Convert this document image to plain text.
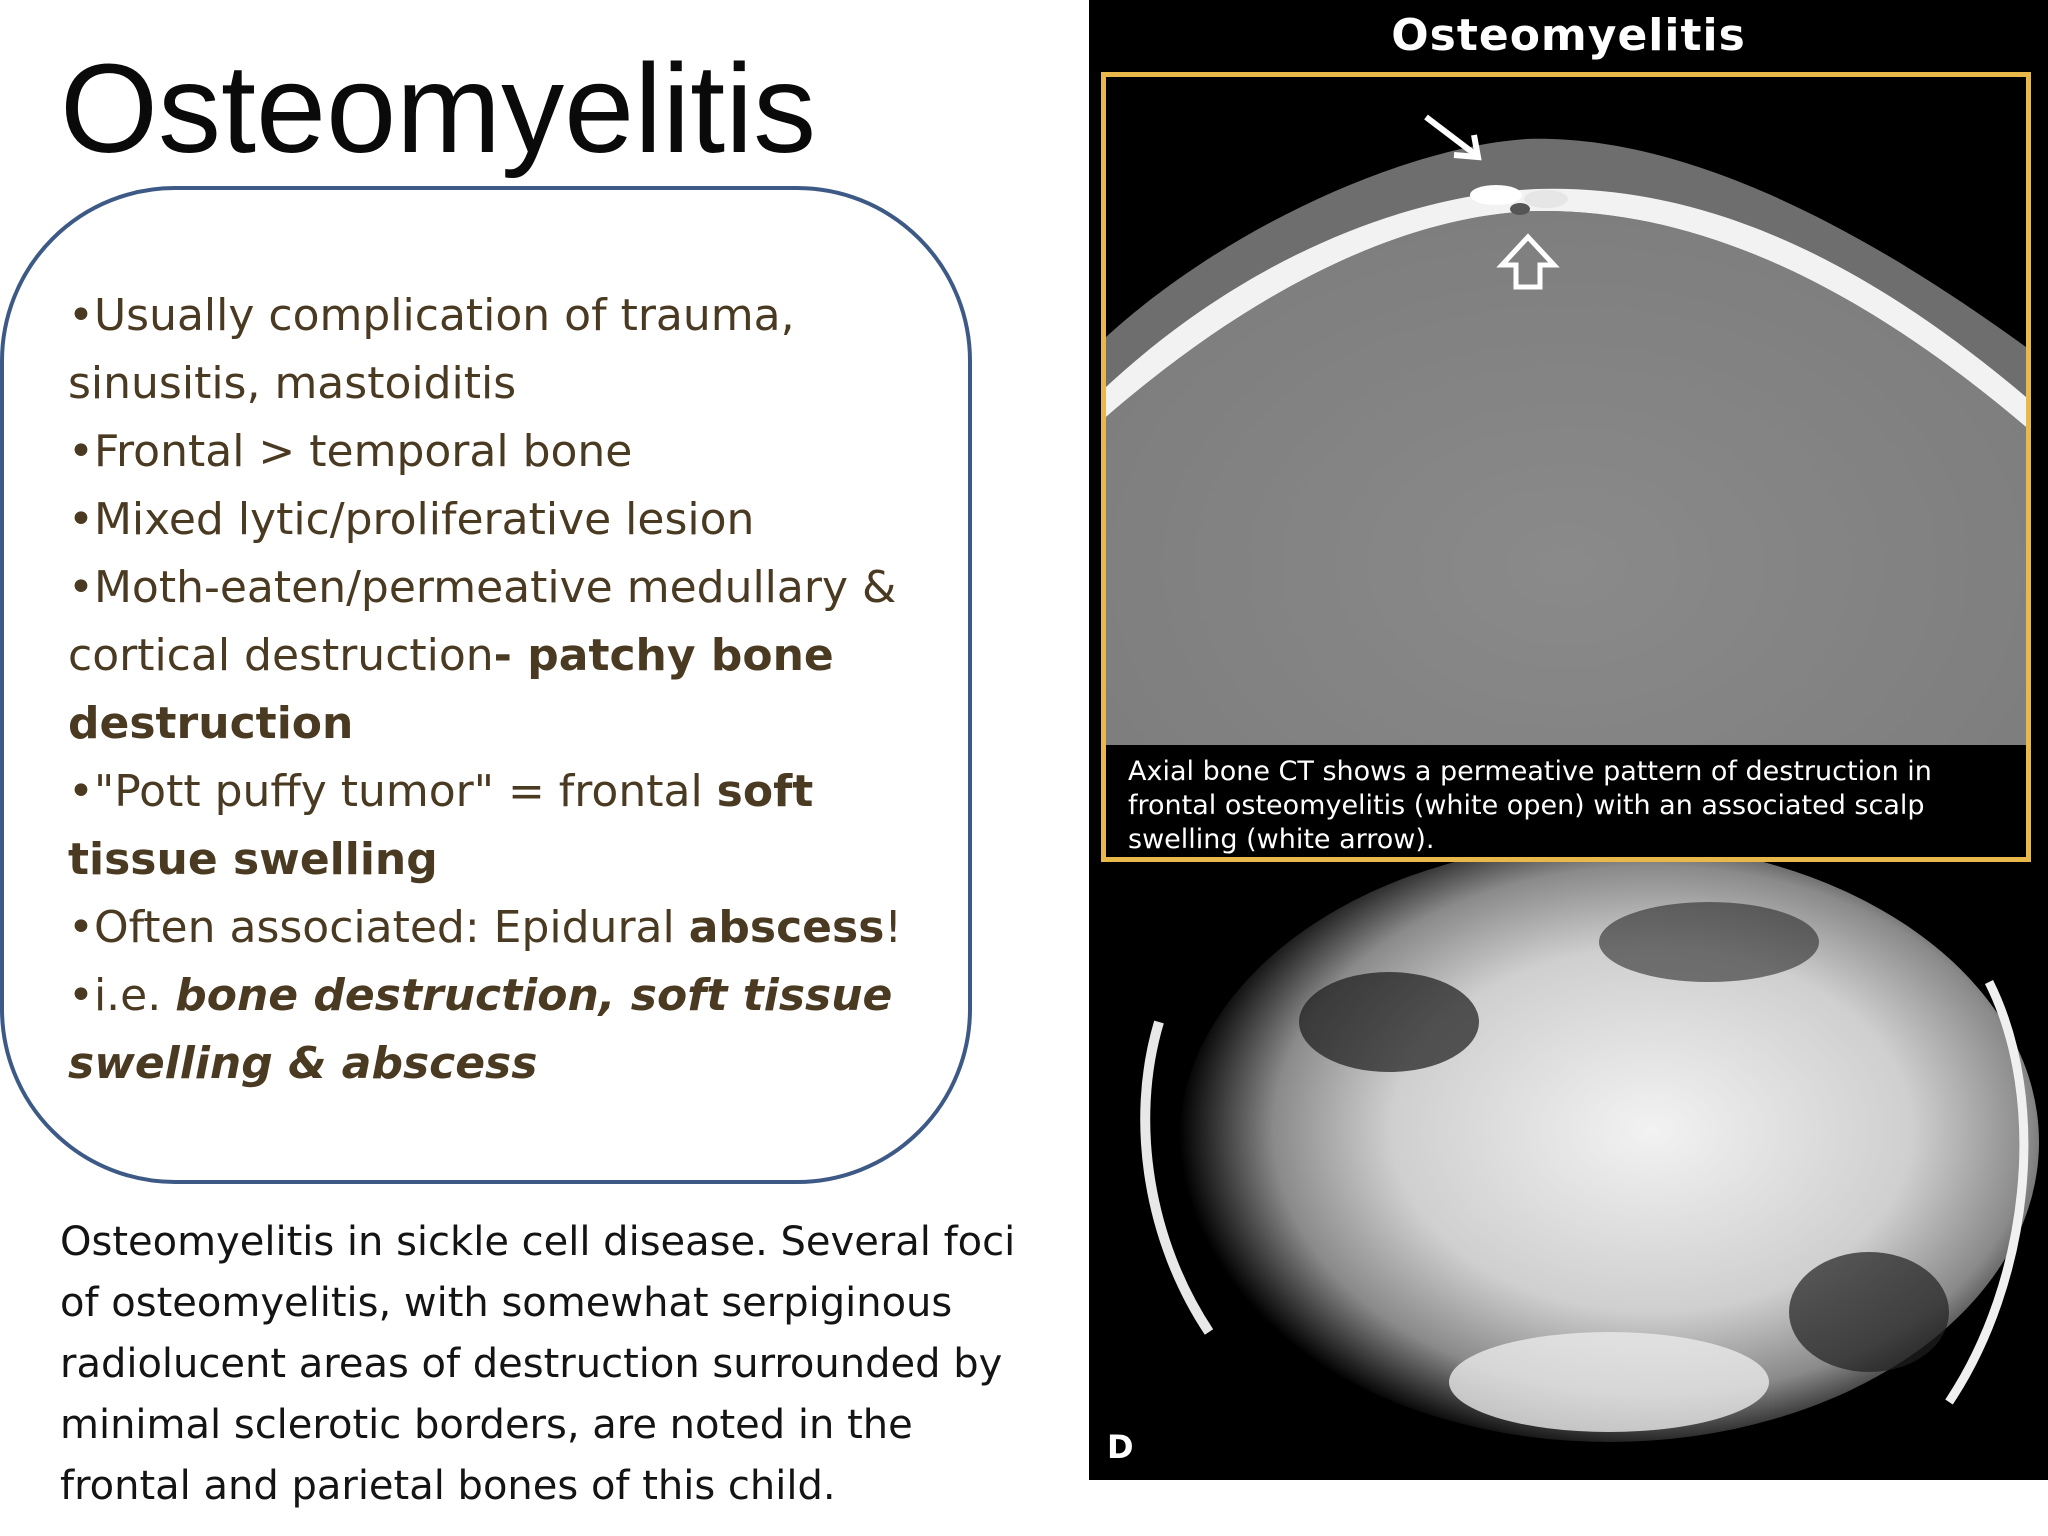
Osteomyelitis
•Usually complication of trauma, sinusitis, mastoiditis
•Frontal > temporal bone
•Mixed lytic/proliferative lesion
•Moth-eaten/permeative medullary & cortical destruction- patchy bone destruction
•"Pott puffy tumor" = frontal soft tissue swelling
•Often associated: Epidural abscess!
•i.e. bone destruction, soft tissue swelling & abscess
Osteomyelitis in sickle cell disease. Several foci of osteomyelitis, with somewhat serpiginous radiolucent areas of destruction surrounded by minimal sclerotic borders, are noted in the frontal and parietal bones of this child.
Osteomyelitis
Axial bone CT shows a permeative pattern of destruction in frontal osteomyelitis (white open) with an associated scalp swelling (white arrow).
D
